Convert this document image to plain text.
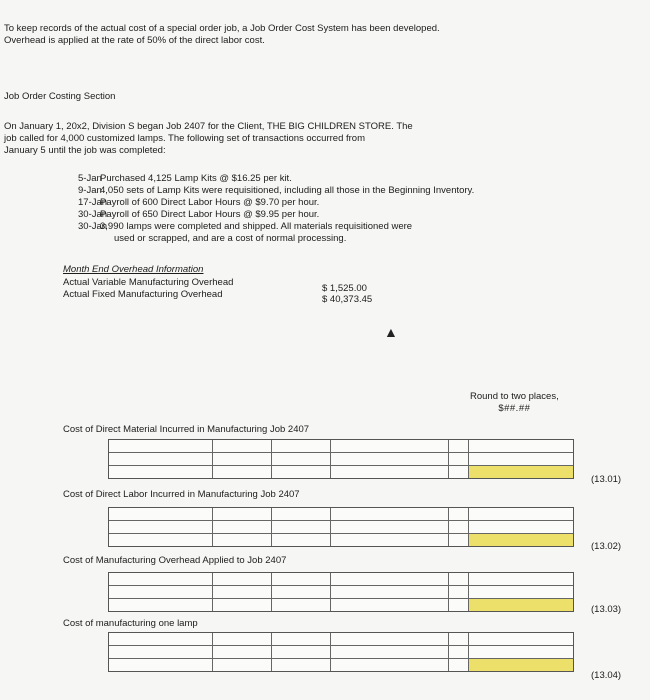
To keep records of the actual cost of a special order job, a Job Order Cost System has been developed.
Overhead is applied at the rate of 50% of the direct labor cost.
Job Order Costing Section
On January 1, 20x2, Division S began Job 2407 for the Client, THE BIG CHILDREN STORE. The
job called for 4,000 customized lamps. The following set of transactions occurred from
January 5 until the job was completed:
5-Jan
Purchased 4,125 Lamp Kits @ $16.25 per kit.
9-Jan
4,050 sets of Lamp Kits were requisitioned, including all those in the Beginning Inventory.
17-Jan
Payroll of 600 Direct Labor Hours @ $9.70 per hour.
30-Jan
Payroll of 650 Direct Labor Hours @ $9.95 per hour.
30-Jan
3,990 lamps were completed and shipped. All materials requisitioned were
used or scrapped, and are a cost of normal processing.
Month End Overhead Information
Actual Variable Manufacturing Overhead
$ 1,525.00
Actual Fixed Manufacturing Overhead	$ 40,373.45
▲
Round to two places,
$##.##
Cost of Direct Material Incurred in Manufacturing Job 2407
(13.01)
Cost of Direct Labor Incurred in Manufacturing Job 2407
(13.02)
Cost of Manufacturing Overhead Applied to Job 2407
(13.03)
Cost of manufacturing one lamp
(13.04)
